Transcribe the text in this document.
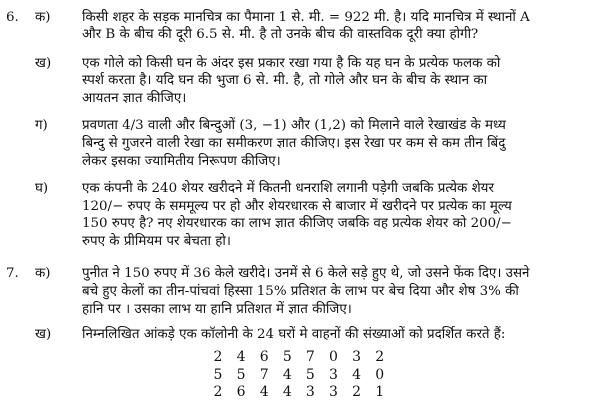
6. क) किसी शहर के सड़क मानचित्र का पैमाना 1 से. मी. = 922 मी. है। यदि मानचित्र में स्थानों A
और B के बीच की दूरी 6.5 से. मी. है तो उनके बीच की वास्तविक दूरी क्या होगी?
ख) एक गोले को किसी घन के अंदर इस प्रकार रखा गया है कि यह घन के प्रत्येक फलक को
स्पर्श करता है। यदि घन की भुजा 6 से. मी. है, तो गोले और घन के बीच के स्थान का
आयतन ज्ञात कीजिए।
ग)	प्रवणता 4/3 वाली और बिन्दुओं (3, −1) और (1,2) को मिलाने वाले रेखाखंड के मध्य
बिन्दु से गुजरने वाली रेखा का समीकरण ज्ञात कीजिए। इस रेखा पर कम से कम तीन बिंदु
लेकर इसका ज्यामितीय निरूपण कीजिए।
घ)	एक कंपनी के 240 शेयर खरीदने में कितनी धनराशि लगानी पड़ेगी जबकि प्रत्येक शेयर
120/− रुपए के सममूल्य पर हो और शेयरधारक से बाजार में खरीदने पर प्रत्येक का मूल्य
150 रुपए है? नए शेयरधारक का लाभ ज्ञात कीजिए जबकि वह प्रत्येक शेयर को 200/−
रुपए के प्रीमियम पर बेचता हो।
7. क) पुनीत ने 150 रुपए में 36 केले खरीदे। उनमें से 6 केले सड़े हुए थे, जो उसने फेंक दिए। उसने
बचे हुए केलों का तीन-पांचवां हिस्सा 15% प्रतिशत के लाभ पर बेच दिया और शेष 3% की
हानि पर । उसका लाभ या हानि प्रतिशत में ज्ञात कीजिए।
ख) निम्नलिखित आंकड़े एक कॉलोनी के 24 घरों मे वाहनों की संख्याओं को प्रदर्शित करते हैं:
2	4	6	5	7	0	3	2
5	5	7	4	5	3	4	0
2	6	4	4	3	3	2	1
